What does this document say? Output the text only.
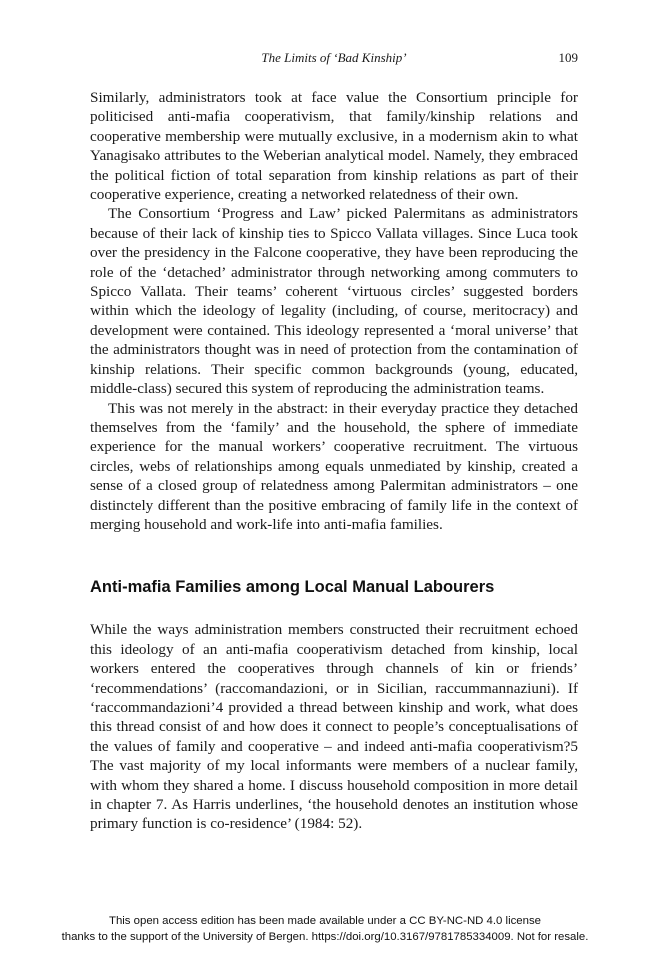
The Limits of ‘Bad Kinship’	109

Similarly, administrators took at face value the Consortium principle for politicised anti-mafia cooperativism, that family/kinship relations and cooperative membership were mutually exclusive, in a modernism akin to what Yanagisako attributes to the Weberian analytical model. Namely, they embraced the political fiction of total separation from kinship relations as part of their cooperative experience, creating a networked relatedness of their own.

The Consortium ‘Progress and Law’ picked Palermitans as administrators because of their lack of kinship ties to Spicco Vallata villages. Since Luca took over the presidency in the Falcone cooperative, they have been reproducing the role of the ‘detached’ administrator through networking among commuters to Spicco Vallata. Their teams’ coherent ‘virtuous circles’ suggested borders within which the ideology of legality (including, of course, meritocracy) and development were contained. This ideology represented a ‘moral universe’ that the administrators thought was in need of protection from the contamination of kinship relations. Their specific common backgrounds (young, educated, middle-class) secured this system of reproducing the administration teams.

This was not merely in the abstract: in their everyday practice they detached themselves from the ‘family’ and the household, the sphere of immediate experience for the manual workers’ cooperative recruitment. The virtuous circles, webs of relationships among equals unmediated by kinship, created a sense of a closed group of relatedness among Palermitan administrators – one distinctely different than the positive embracing of family life in the context of merging household and work-life into anti-mafia families.

Anti-mafia Families among Local Manual Labourers

While the ways administration members constructed their recruitment echoed this ideology of an anti-mafia cooperativism detached from kinship, local workers entered the cooperatives through channels of kin or friends’ ‘recommendations’ (raccomandazioni, or in Sicilian, raccummannaziuni). If ‘raccommandazioni’4 provided a thread between kinship and work, what does this thread consist of and how does it connect to people’s conceptualisations of the values of family and cooperative – and indeed anti-mafia cooperativism?5 The vast majority of my local informants were members of a nuclear family, with whom they shared a home. I discuss household composition in more detail in chapter 7. As Harris underlines, ‘the household denotes an institution whose primary function is co-residence’ (1984: 52).

This open access edition has been made available under a CC BY-NC-ND 4.0 license
thanks to the support of the University of Bergen. https://doi.org/10.3167/9781785334009. Not for resale.
